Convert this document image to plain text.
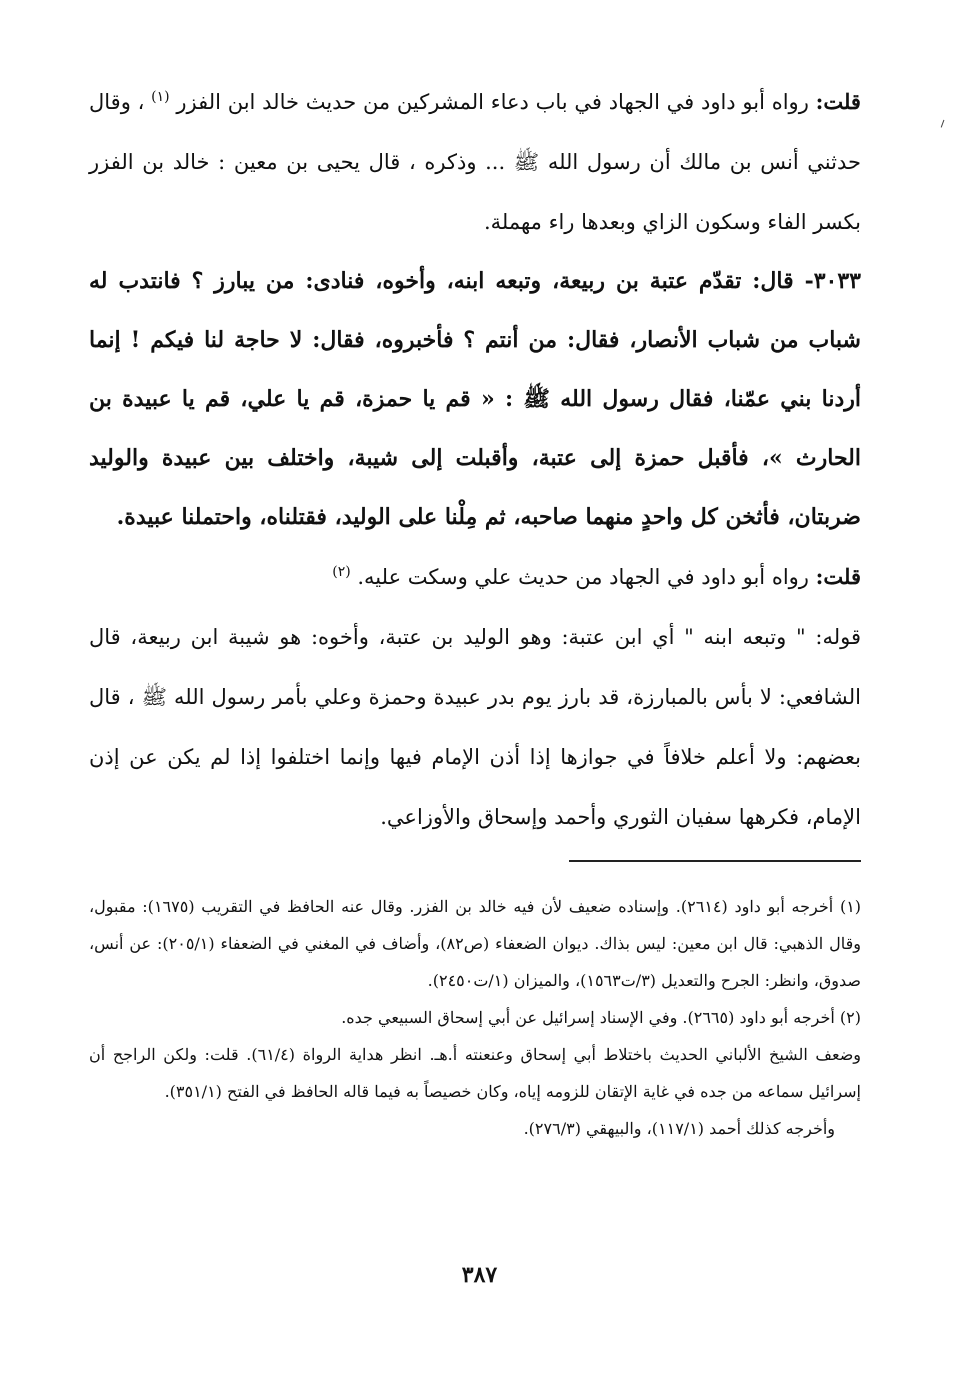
قلت: رواه أبو داود في الجهاد في باب دعاء المشركين من حديث خالد ابن الفزر $^{(١)}$ ، وقال حدثني أنس بن مالك أن رسول الله ﷺ ... وذكره ، قال يحيى بن معين : خالد بن الفزر بكسر الفاء وسكون الزاي وبعدها راء مهملة.

٣٠٣٣- قال: تقدّم عتبة بن ربيعة، وتبعه ابنه، وأخوه، فنادى: من يبارز ؟ فانتدب له شباب من شباب الأنصار، فقال: من أنتم ؟ فأخبروه، فقال: لا حاجة لنا فيكم ! إنما أردنا بني عمّنا، فقال رسول الله ﷺ : « قم يا حمزة، قم يا علي، قم يا عبيدة بن الحارث »، فأقبل حمزة إلى عتبة، وأقبلت إلى شيبة، واختلف بين عبيدة والوليد ضربتان، فأثخن كل واحدٍ منهما صاحبه، ثم مِلْنا على الوليد، فقتلناه، واحتملنا عبيدة.

قلت: رواه أبو داود في الجهاد من حديث علي وسكت عليه. $^{(٢)}$

قوله: " وتبعه ابنه " أي ابن عتبة: وهو الوليد بن عتبة، وأخوه: هو شيبة ابن ربيعة، قال الشافعي: لا بأس بالمبارزة، قد بارز يوم بدر عبيدة وحمزة وعلي بأمر رسول الله ﷺ ، قال بعضهم: ولا أعلم خلافاً في جوازها إذا أذن الإمام فيها وإنما اختلفوا إذا لم يكن عن إذن الإمام، فكرهها سفيان الثوري وأحمد وإسحاق والأوزاعي.

(١) أخرجه أبو داود (٢٦١٤). وإسناده ضعيف لأن فيه خالد بن الفزر. وقال عنه الحافظ في التقريب (١٦٧٥): مقبول، وقال الذهبي: قال ابن معين: ليس بذاك. ديوان الضعفاء (ص٨٢)، وأضاف في المغني في الضعفاء (٢٠٥/١): عن أنس، صدوق، وانظر: الجرح والتعديل (٣/ت١٥٦٣)، والميزان (١/ت٢٤٥٠).

(٢) أخرجه أبو داود (٢٦٦٥). وفي الإسناد إسرائيل عن أبي إسحاق السبيعي جده.

وضعف الشيخ الألباني الحديث باختلاط أبي إسحاق وعنعنته أ.هـ. انظر هداية الرواة (٦١/٤). قلت: ولكن الراجح أن إسرائيل سماعه من جده في غاية الإتقان للزومه إياه، وكان خصيصاً به فيما قاله الحافظ في الفتح (٣٥١/١).

وأخرجه كذلك أحمد (١١٧/١)، والبيهقي (٢٧٦/٣).

٣٨٧
